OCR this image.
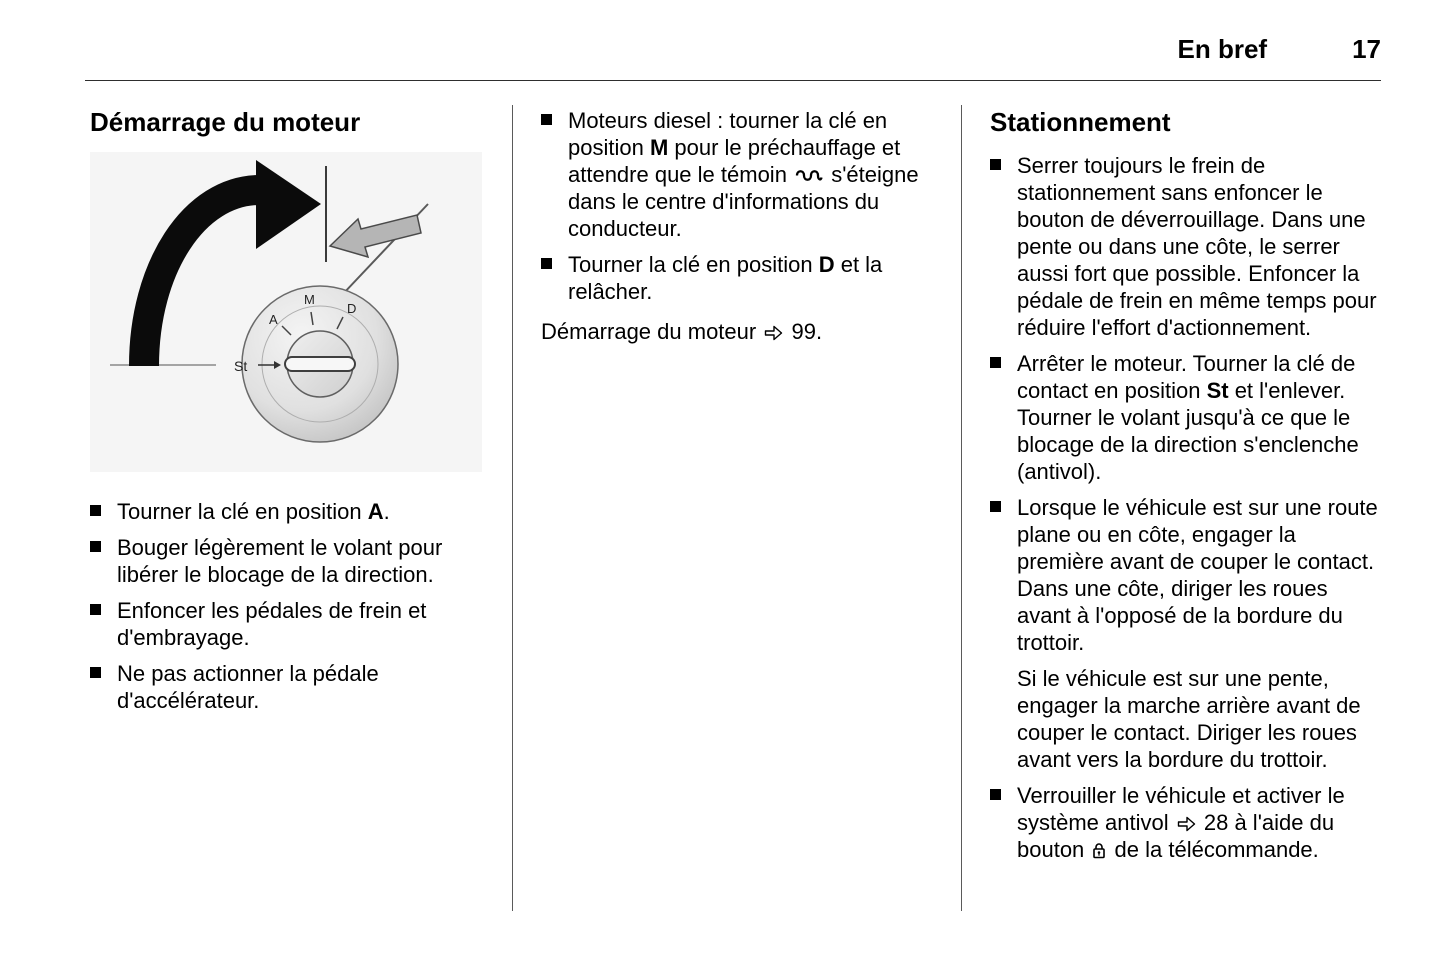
En bref	17
Démarrage du moteur
A
M
D
St
Tourner la clé en position A.
Bouger légèrement le volant pour libérer le blocage de la direction.
Enfoncer les pédales de frein et d'embrayage.
Ne pas actionner la pédale d'accélérateur.
Moteurs diesel : tourner la clé en position M pour le préchauffage et attendre que le témoin s'éteigne dans le centre d'informations du conducteur.
Tourner la clé en position D et la relâcher.

Démarrage du moteur 99.

Stationnement
Serrer toujours le frein de stationnement sans enfoncer le bouton de déverrouillage. Dans une pente ou dans une côte, le serrer aussi fort que possible. Enfoncer la pédale de frein en même temps pour réduire l'effort d'actionnement.
Arrêter le moteur. Tourner la clé de contact en position St et l'enlever. Tourner le volant jusqu'à ce que le blocage de la direction s'enclenche (antivol).
Lorsque le véhicule est sur une route plane ou en côte, engager la première avant de couper le contact. Dans une côte, diriger les roues avant à l'opposé de la bordure du trottoir.

Si le véhicule est sur une pente, engager la marche arrière avant de couper le contact. Diriger les roues avant vers la bordure du trottoir.

Verrouiller le véhicule et activer le système antivol 28 à l'aide du bouton de la télécommande.
